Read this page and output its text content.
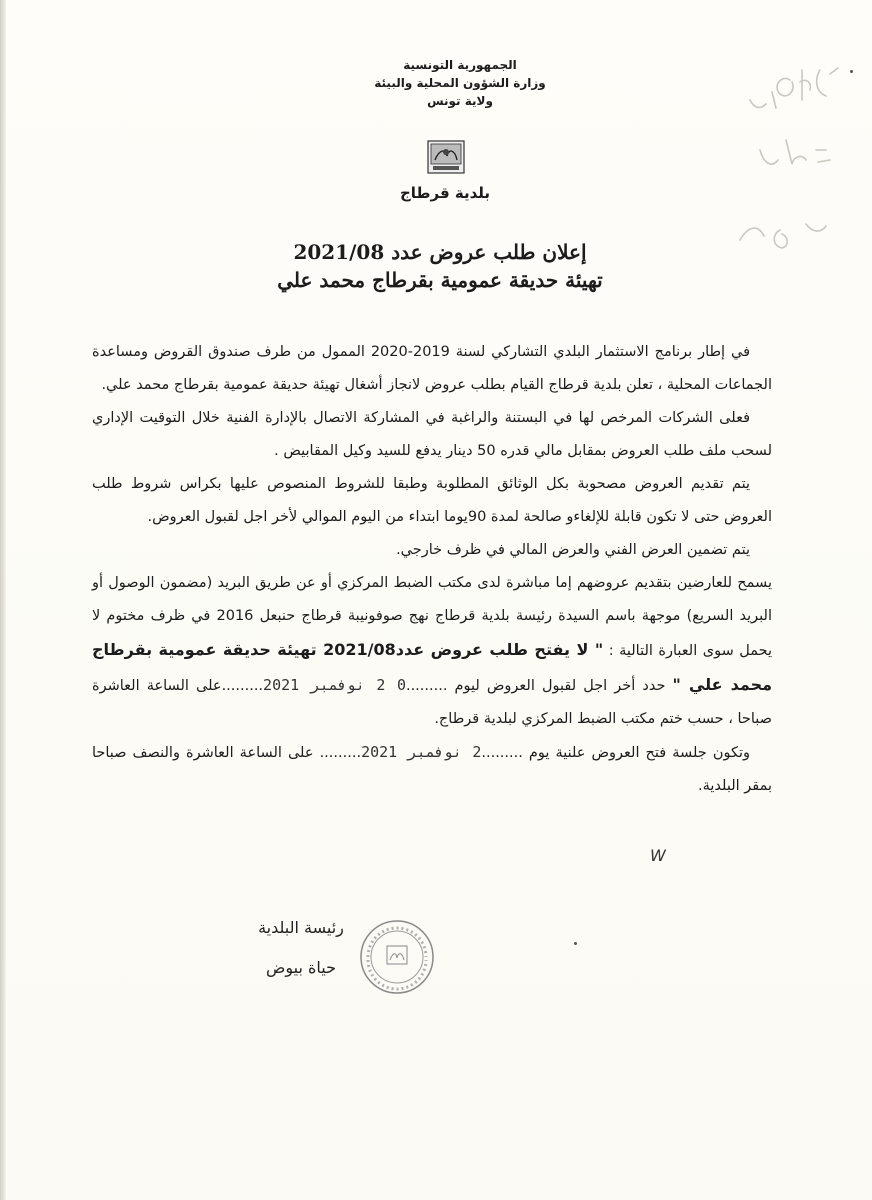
الجمهورية التونسية
وزارة الشؤون المحلية والبيئة
ولاية تونس
بلدية قرطاج
إعلان طلب عروض عدد 2021/08
تهيئة حديقة عمومية بقرطاج محمد علي

في إطار برنامج الاستثمار البلدي التشاركي لسنة 2019-2020 الممول من طرف صندوق القروض ومساعدة الجماعات المحلية ، تعلن بلدية قرطاج القيام بطلب عروض لانجاز أشغال تهيئة حديقة عمومية بقرطاج محمد علي.

فعلى الشركات المرخص لها في البستنة والراغبة في المشاركة الاتصال بالإدارة الفنية خلال التوقيت الإداري لسحب ملف طلب العروض بمقابل مالي قدره 50 دينار يدفع للسيد وكيل المقابيض .

يتم تقديم العروض مصحوبة بكل الوثائق المطلوبة وطبقا للشروط المنصوص عليها بكراس شروط طلب العروض حتى لا تكون قابلة للإلغاءو صالحة لمدة 90يوما ابتداء من اليوم الموالي لأخر اجل لقبول العروض.

يتم تضمين العرض الفني والعرض المالي في ظرف خارجي.

يسمح للعارضين بتقديم عروضهم إما مباشرة لدى مكتب الضبط المركزي أو عن طريق البريد (مضمون الوصول أو البريد السريع) موجهة باسم السيدة رئيسة بلدية قرطاج نهج صوفونيبة قرطاج حنبعل 2016 في ظرف مختوم لا يحمل سوى العبارة التالية : " لا يفتح طلب عروض عدد2021/08 تهيئة حديقة عمومية بقرطاج محمد علي " حدد أخر اجل لقبول العروض ليوم .........0 2 نوفمبر 2021.........على الساعة العاشرة صباحا ، حسب ختم مكتب الضبط المركزي لبلدية قرطاج.

وتكون جلسة فتح العروض علنية يوم .........2 نوفمبر 2021......... على الساعة العاشرة والنصف صباحا بمقر البلدية.

W
رئيسة البلدية
حياة بيوض
